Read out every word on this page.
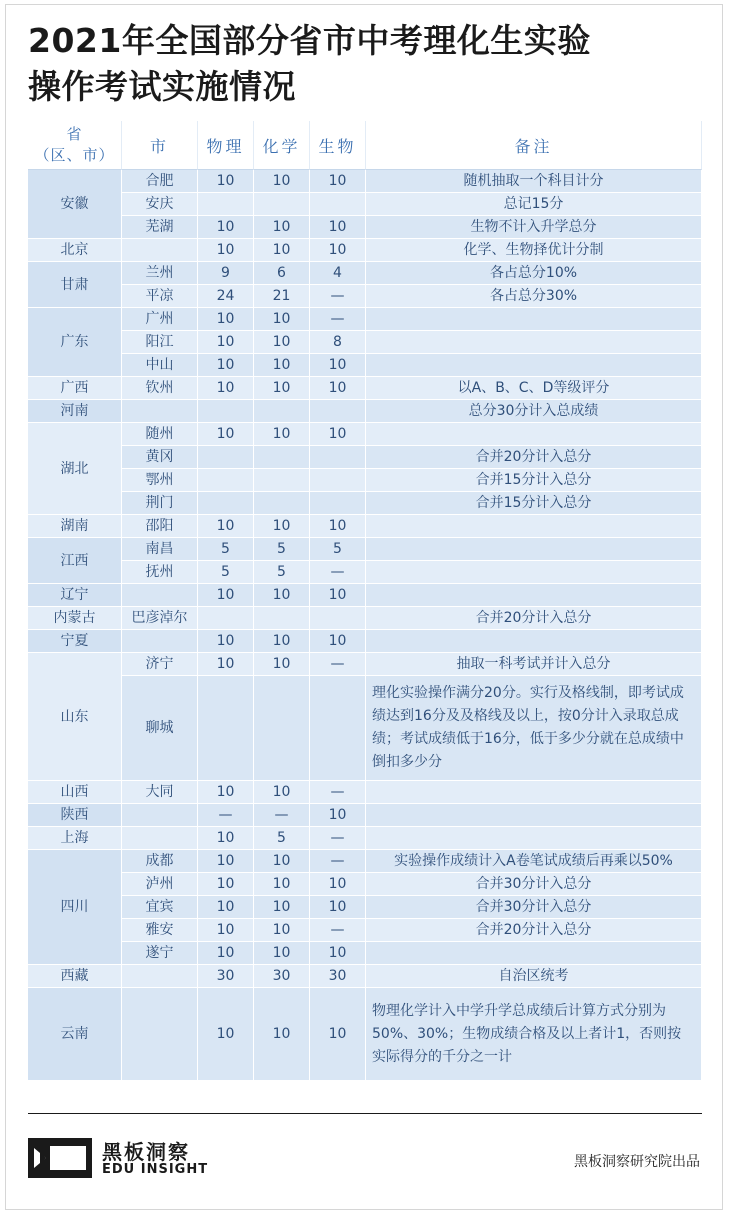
2021年全国部分省市中考理化生实验
操作考试实施情况
省
（区、市）	市	物理	化学	生物	备注
安徽	合肥	10	10	10	随机抽取一个科目计分
	安庆				总记15分
	芜湖	10	10	10	生物不计入升学总分
北京		10	10	10	化学、生物择优计分制
甘肃	兰州	9	6	4	各占总分10%
	平凉	24	21	—	各占总分30%
广东	广州	10	10	—	
	阳江	10	10	8	
	中山	10	10	10	
广西	钦州	10	10	10	以A、B、C、D等级评分
河南					总分30分计入总成绩
湖北	随州	10	10	10	
	黄冈				合并20分计入总分
	鄂州				合并15分计入总分
	荆门				合并15分计入总分
湖南	邵阳	10	10	10	
江西	南昌	5	5	5	
	抚州	5	5	—	
辽宁		10	10	10	
内蒙古	巴彦淖尔				合并20分计入总分
宁夏		10	10	10	
山东	济宁	10	10	—	抽取一科考试并计入总分
	聊城				理化实验操作满分20分。实行及格线制，即考试成绩达到16分及及格线及以上，按0分计入录取总成绩；考试成绩低于16分，低于多少分就在总成绩中倒扣多少分
山西	大同	10	10	—	
陕西		—	—	10	
上海		10	5	—	
四川	成都	10	10	—	实验操作成绩计入A卷笔试成绩后再乘以50%
	泸州	10	10	10	合并30分计入总分
	宜宾	10	10	10	合并30分计入总分
	雅安	10	10	—	合并20分计入总分
	遂宁	10	10	10	
西藏		30	30	30	自治区统考
云南		10	10	10	物理化学计入中学升学总成绩后计算方式分别为50%、30%；生物成绩合格及以上者计1，否则按实际得分的千分之一计
黑板洞察
EDU INSIGHT	黑板洞察研究院出品
